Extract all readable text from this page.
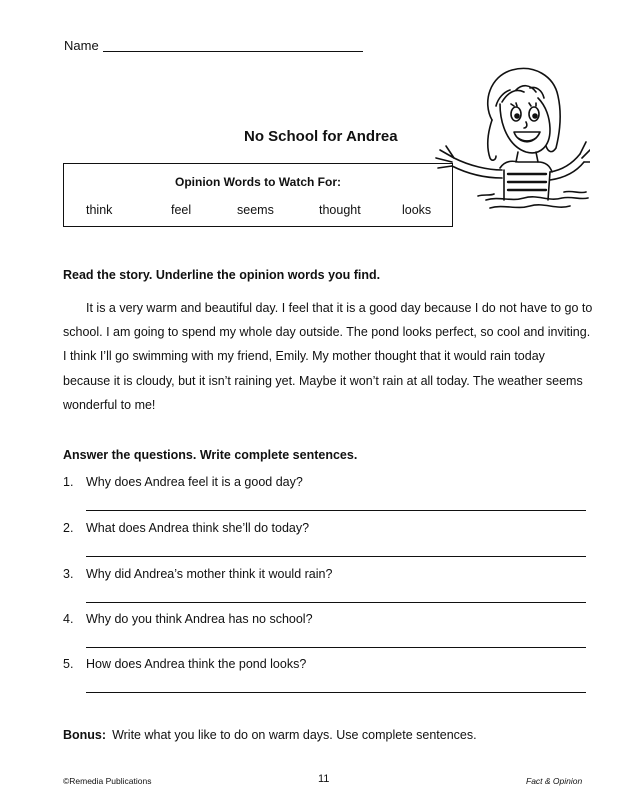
Name
No School for Andrea
Opinion Words to Watch For:
think	feel	seems	thought	looks
Read the story. Underline the opinion words you find.

It is a very warm and beautiful day. I feel that it is a good day because I do not have to go to school. I am going to spend my whole day outside. The pond looks perfect, so cool and inviting. I think I’ll go swimming with my friend, Emily. My mother thought that it would rain today because it is cloudy, but it isn’t raining yet. Maybe it won’t rain at all today. The weather seems wonderful to me!

Answer the questions. Write complete sentences.
1. Why does Andrea feel it is a good day?
2. What does Andrea think she’ll do today?
3. Why did Andrea’s mother think it would rain?
4. Why do you think Andrea has no school?
5. How does Andrea think the pond looks?
Bonus: Write what you like to do on warm days. Use complete sentences.
©Remedia Publications	11	Fact & Opinion
